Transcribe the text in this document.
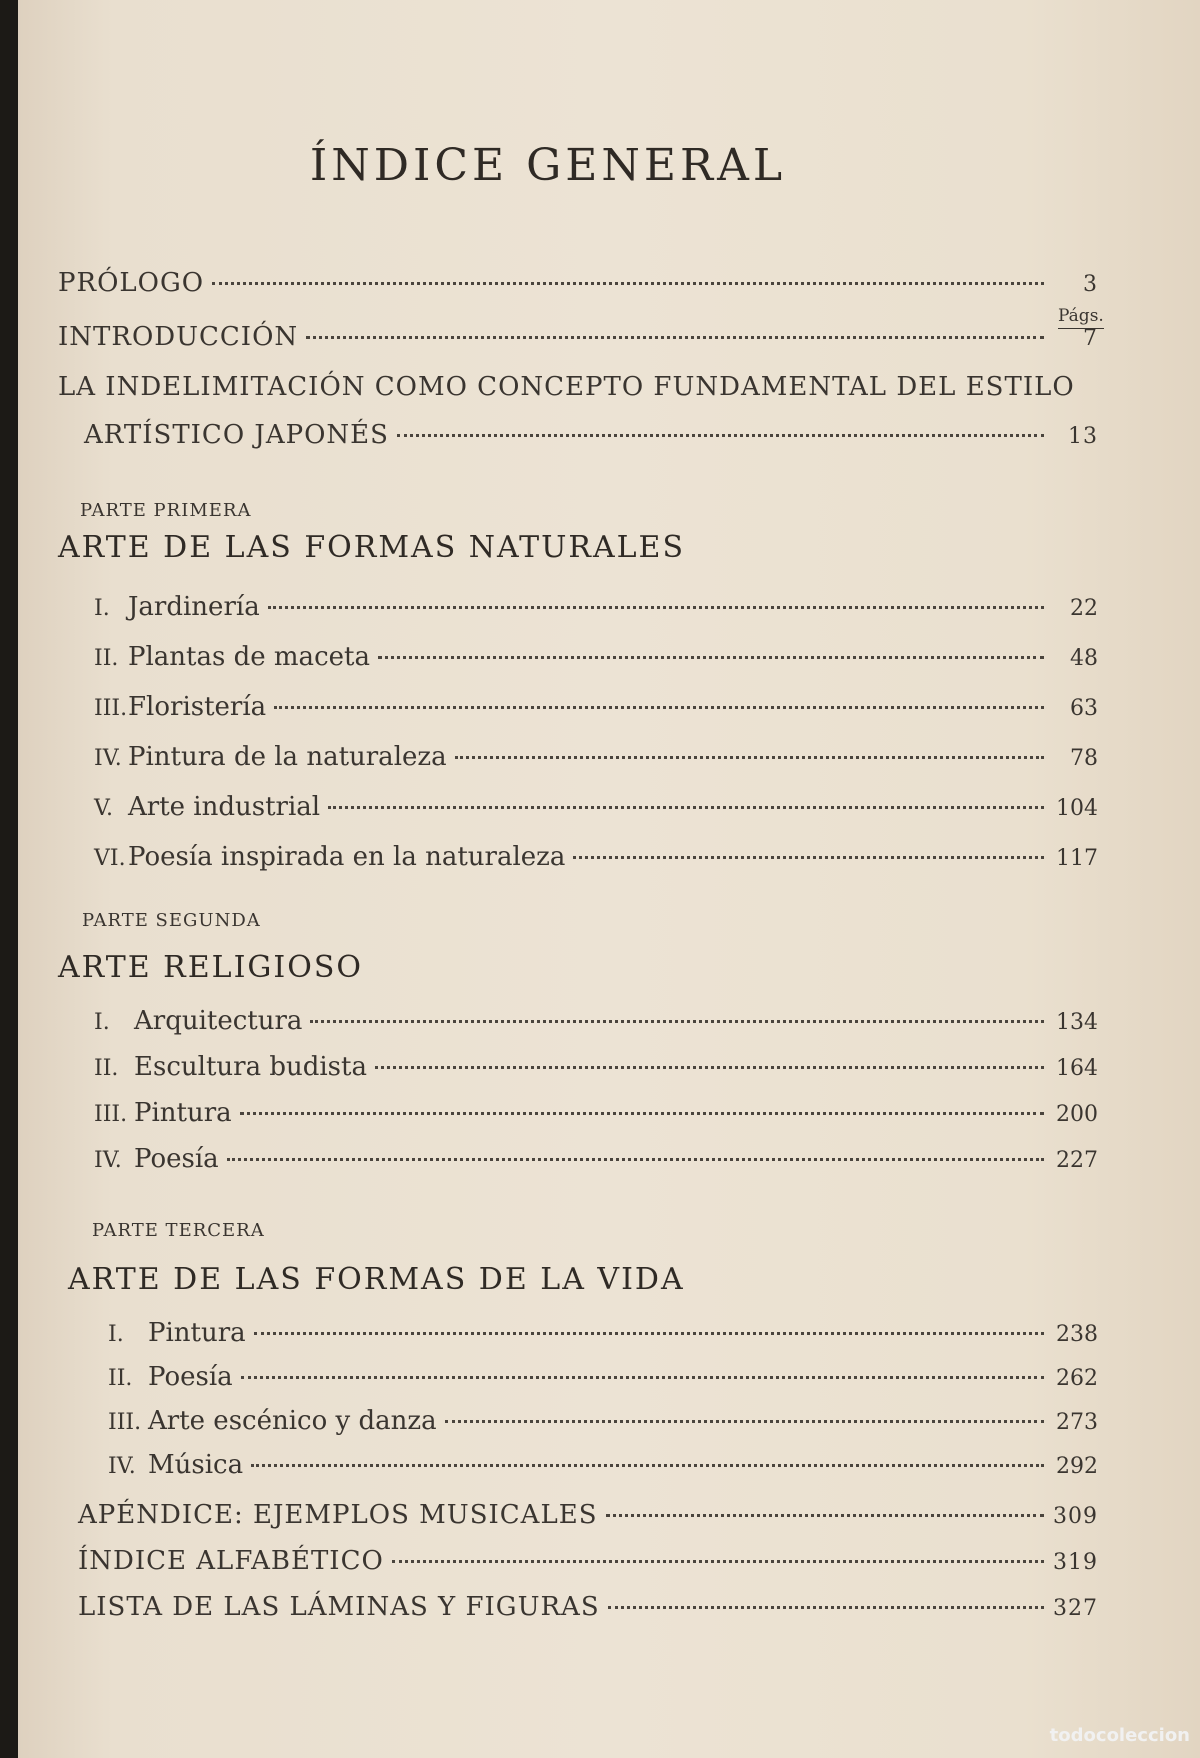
ÍNDICE GENERAL
Págs.
PRÓLOGO	3
INTRODUCCIÓN	7
LA INDELIMITACIÓN COMO CONCEPTO FUNDAMENTAL DEL ESTILO
ARTÍSTICO JAPONÉS	13
PARTE PRIMERA
ARTE DE LAS FORMAS NATURALES
I. Jardinería	22
II. Plantas de maceta	48
III. Floristería	63
IV. Pintura de la naturaleza	78
V. Arte industrial	104
VI. Poesía inspirada en la naturaleza	117
PARTE SEGUNDA
ARTE RELIGIOSO
I. Arquitectura	134
II. Escultura budista	164
III. Pintura	200
IV. Poesía	227
PARTE TERCERA
ARTE DE LAS FORMAS DE LA VIDA
I. Pintura	238
II. Poesía	262
III. Arte escénico y danza	273
IV. Música	292
APÉNDICE: EJEMPLOS MUSICALES	309
ÍNDICE ALFABÉTICO	319
LISTA DE LAS LÁMINAS Y FIGURAS	327
todocoleccion
